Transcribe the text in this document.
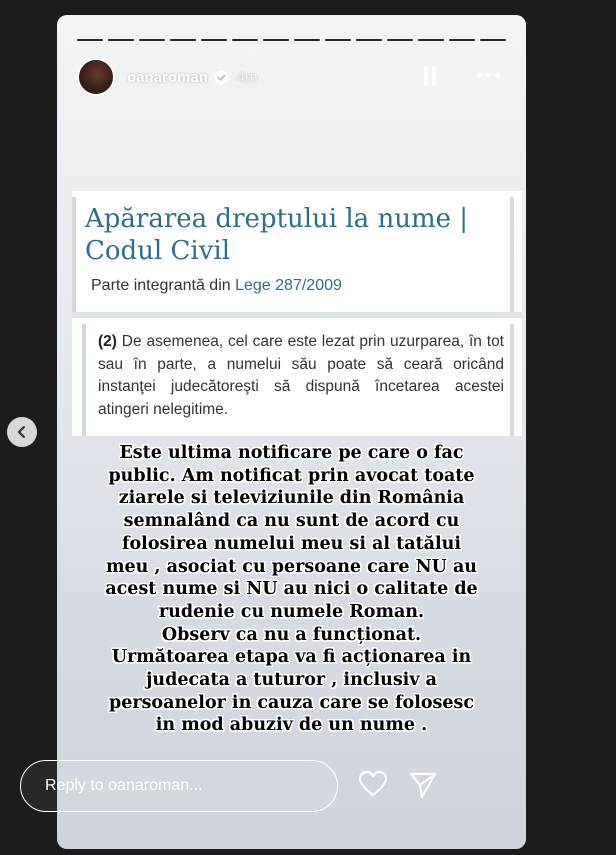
oanaroman 4m
Apărarea dreptului la nume | Codul Civil
Parte integrantă din Lege 287/2009
(2) De asemenea, cel care este lezat prin uzurparea, în tot sau în parte, a numelui său poate să ceară oricând instanţei judecătoreşti să dispună încetarea acestei atingeri nelegitime.
Este ultima notificare pe care o fac
public. Am notificat prin avocat toate
ziarele si televiziunile din România
semnalând ca nu sunt de acord cu
folosirea numelui meu si al tatălui
meu , asociat cu persoane care NU au
acest nume si NU au nici o calitate de
rudenie cu numele Roman.
Observ ca nu a funcționat.
Următoarea etapa va fi acționarea in
judecata a tuturor , inclusiv a
persoanelor in cauza care se folosesc
in mod abuziv de un nume .
Reply to oanaroman...
